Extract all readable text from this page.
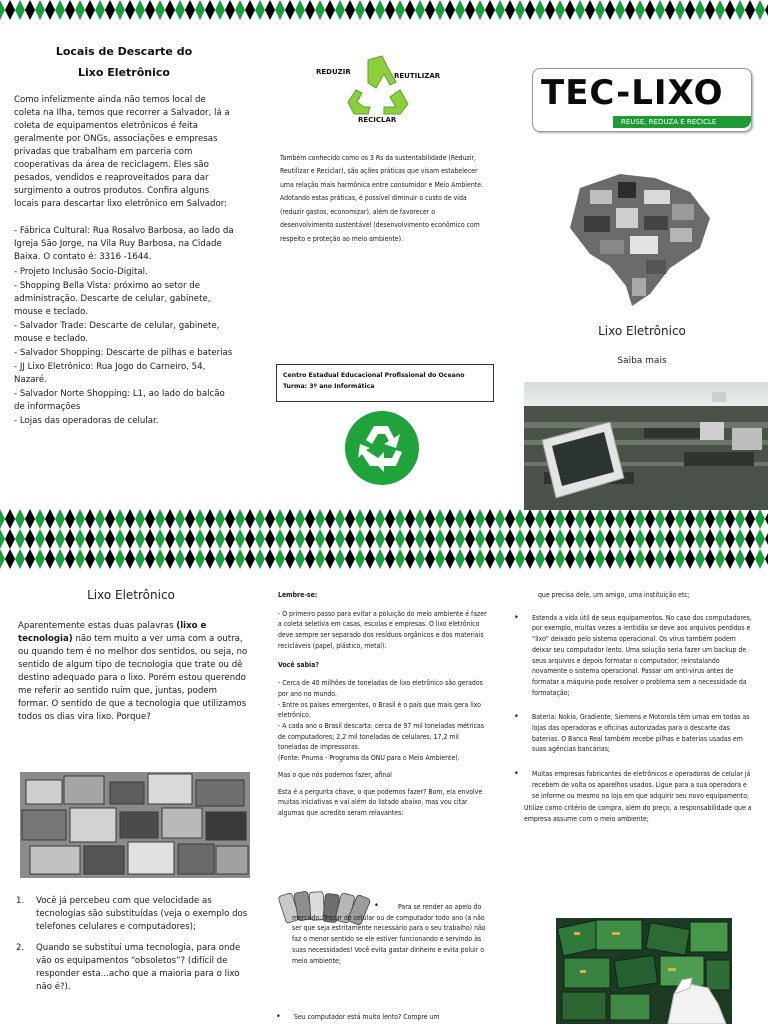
Locais de Descarte do
Lixo Eletrônico
Como infelizmente ainda não temos local de coleta na Ilha, temos que recorrer a Salvador, lá a coleta de equipamentos eletrônicos é feita geralmente por ONGs, associações e empresas privadas que trabalham em parceria com cooperativas da área de reciclagem. Eles são pesados, vendidos e reaproveitados para dar surgimento a outros produtos. Confira alguns locais para descartar lixo eletrônico em Salvador:
- Fábrica Cultural: Rua Rosalvo Barbosa, ao lado da Igreja São Jorge, na Vila Ruy Barbosa, na Cidade Baixa. O contato é: 3316 -1644.
- Projeto Inclusão Socio-Digital.
- Shopping Bella Vista: próximo ao setor de administração. Descarte de celular, gabinete, mouse e teclado.
- Salvador Trade: Descarte de celular, gabinete, mouse e teclado.
- Salvador Shopping: Descarte de pilhas e baterias
- JJ Lixo Eletrônico: Rua Jogo do Carneiro, 54, Nazaré.
- Salvador Norte Shopping: L1, ao lado do balcão de informações
- Lojas das operadoras de celular.
REDUZIR	REUTILIZAR
RECICLAR
Também conhecido como os 3 Rs da sustentabilidade (Reduzir, Reutilizar e Reciclar), são ações práticas que visam estabelecer uma relação mais harmônica entre consumidor e Meio Ambiente. Adotando estas práticas, é possível diminuir o custo de vida (reduzir gastos, economizar), além de favorecer o desenvolvimento sustentável (desenvolvimento econômico com respeito e proteção ao meio ambiente).
Centro Estadual Educacional Profissional do Oceano
Turma: 3º ano Informática
TEC-LIXO
REUSE, REDUZA E RECICLE
Lixo Eletrônico
Saiba mais
Lixo Eletrônico
Aparentemente estas duas palavras (lixo e tecnologia) não tem muito a ver uma com a outra, ou quando tem é no melhor dos sentidos, ou seja, no sentido de algum tipo de tecnologia que trate ou dê destino adequado para o lixo. Porém estou querendo me referir ao sentido ruim que, juntas, podem formar. O sentido de que a tecnologia que utilizamos todos os dias vira lixo. Porque?
1. Você já percebeu com que velocidade as tecnologias são substituídas (veja o exemplo dos telefones celulares e computadores);
2. Quando se substitui uma tecnologia, para onde vão os equipamentos “obsoletos”? (difícil de responder esta...acho que a maioria para o lixo não é?).
Lembre-se:
- O primeiro passo para evitar a poluição do meio ambiente é fazer a coleta seletiva em casas, escolas e empresas. O lixo eletrônico deve sempre ser separado dos resíduos orgânicos e dos materiais recicláveis (papel, plástico, metal).
Você sabia?
- Cerca de 40 milhões de toneladas de lixo eletrônico são gerados por ano no mundo.
- Entre os países emergentes, o Brasil é o país que mais gera lixo eletrônico.
- A cada ano o Brasil descarta: cerca de 97 mil toneladas métricas de computadores; 2,2 mil toneladas de celulares; 17,2 mil toneladas de impressoras.
(Fonte: Pnuma - Programa da ONU para o Meio Ambiente).
Mas o que nós podemos fazer, afinal
Esta é a pergunta chave, o que podemos fazer? Bom, ela envolve muitas iniciativas e vai além do listado abaixo, mas vou citar algumas que acredito seram relavantes:
•	Para se render ao apelo do mercado: Trocar de celular ou de computador todo ano (a não ser que seja estritamente necessário para o seu trabalho) não faz o menor sentido se ele estiver funcionando e servindo às suas necessidades! Você evita gastar dinheiro e evita poluir o meio ambiente;
• Seu computador está muito lento? Compre um
que precisa dele, um amigo, uma instituição etc;
• Estenda a vida útil de seus equipamentos. No caso dos computadores, por exemplo, muitas vezes a lentidão se deve aos arquivos perdidos e “lixo” deixado pelo sistema operacional. Os vírus também podem deixar seu computador lento. Uma solução seria fazer um backup de seus arquivos e depois formatar o computador, reinstalando novamente o sistema operacional. Passar um anti-vírus antes de formatar a máquina pode resolver o problema sem a necessidade da formatação;
• Bateria: Nokia, Gradiente, Siemens e Motorola têm urnas em todas as lojas das operadoras e oficinas autorizadas para o descarte das baterias. O Banco Real também recebe pilhas e baterias usadas em suas agências bancárias;
• Muitas empresas fabricantes de eletrônicos e operadoras de celular já recebem de volta os aparelhos usados. Ligue para a sua operadora e se informe ou mesmo na loja em que adquirir seu novo equipamento;
Utilize como critério de compra, além do preço, a responsabilidade que a empresa assume com o meio ambiente;
